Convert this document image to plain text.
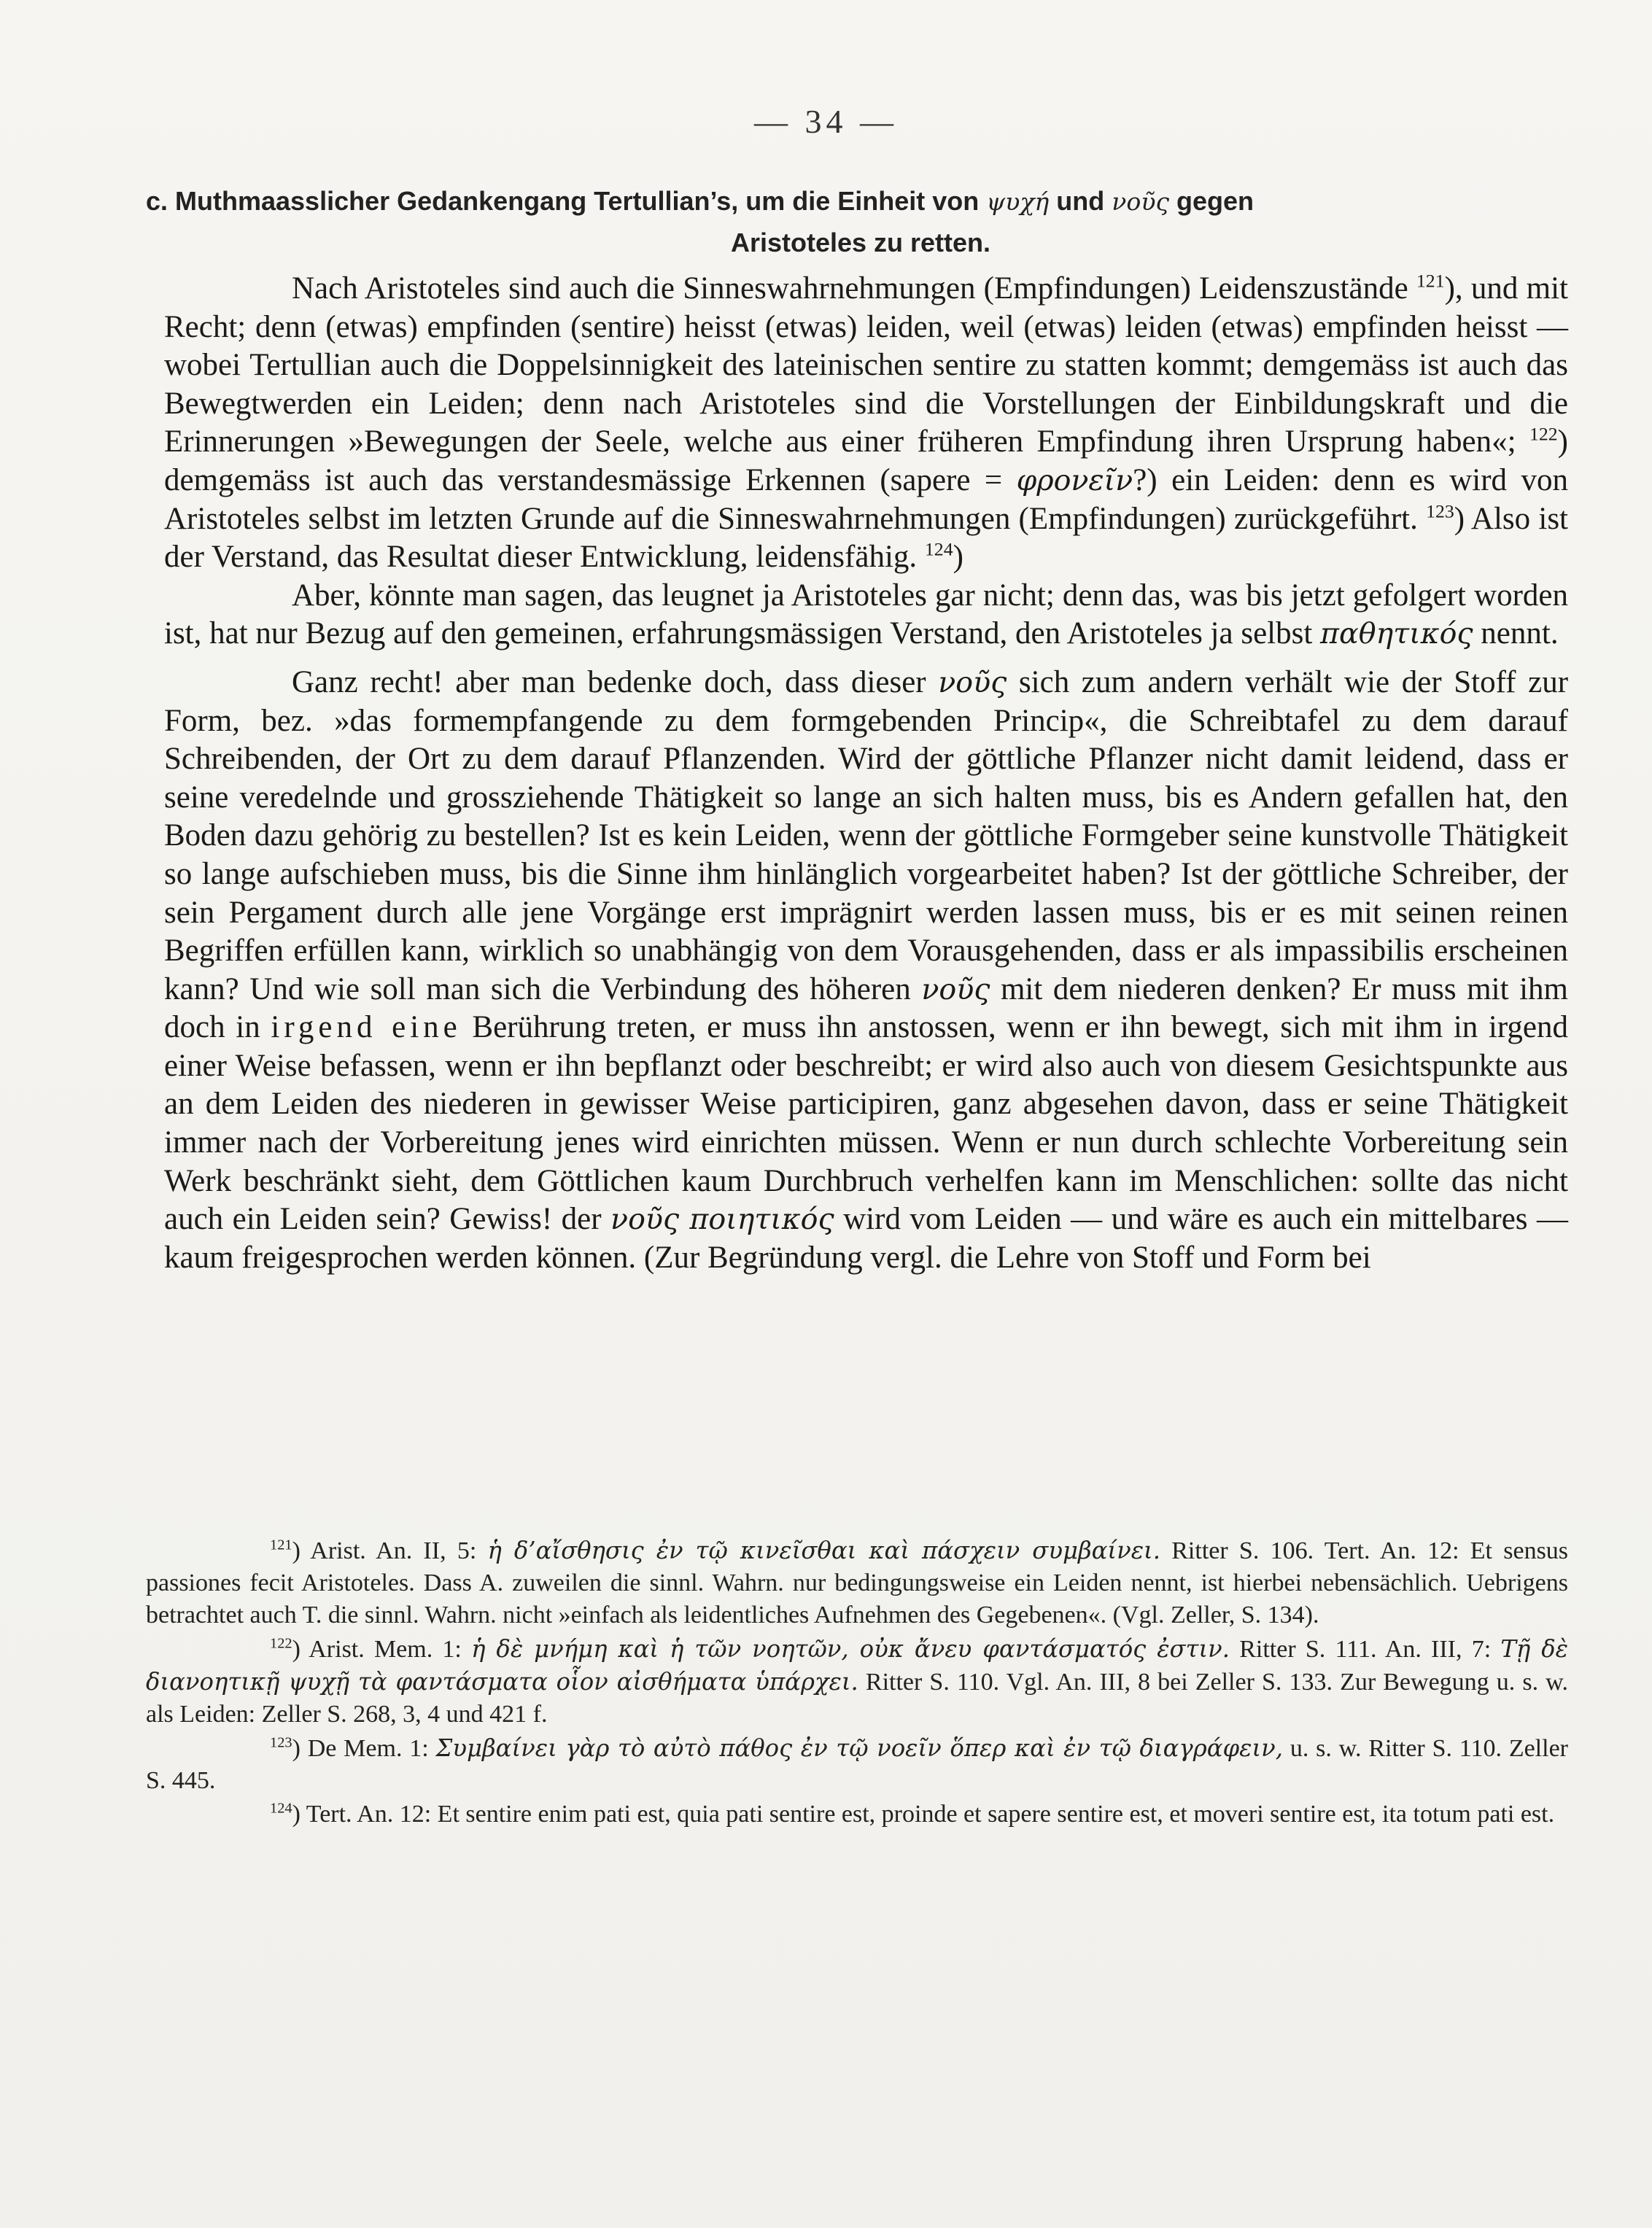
— 34 —
c. Muthmaasslicher Gedankengang Tertullian’s, um die Einheit von ψυχή und νοῦς gegen
Aristoteles zu retten.

Nach Aristoteles sind auch die Sinneswahrnehmungen (Empfindungen) Leidenszustände $^{121}$), und mit Recht; denn (etwas) empfinden (sentire) heisst (etwas) leiden, weil (etwas) leiden (etwas) empfinden heisst — wobei Tertullian auch die Doppelsinnigkeit des lateinischen sentire zu statten kommt; demgemäss ist auch das Bewegtwerden ein Leiden; denn nach Aristoteles sind die Vorstellungen der Einbildungskraft und die Erinnerungen »Bewegungen der Seele, welche aus einer früheren Empfindung ihren Ursprung haben«; $^{122}$) demgemäss ist auch das verstandesmässige Erkennen (sapere = φρονεῖν?) ein Leiden: denn es wird von Aristoteles selbst im letzten Grunde auf die Sinneswahrnehmungen (Empfindungen) zurückgeführt. $^{123}$) Also ist der Verstand, das Resultat dieser Entwicklung, leidensfähig. $^{124}$)

Aber, könnte man sagen, das leugnet ja Aristoteles gar nicht; denn das, was bis jetzt gefolgert worden ist, hat nur Bezug auf den gemeinen, erfahrungsmässigen Verstand, den Aristoteles ja selbst παθητικός nennt.

Ganz recht! aber man bedenke doch, dass dieser νοῦς sich zum andern verhält wie der Stoff zur Form, bez. »das formempfangende zu dem formgebenden Princip«, die Schreibtafel zu dem darauf Schreibenden, der Ort zu dem darauf Pflanzenden. Wird der göttliche Pflanzer nicht damit leidend, dass er seine veredelnde und grossziehende Thätigkeit so lange an sich halten muss, bis es Andern gefallen hat, den Boden dazu gehörig zu bestellen? Ist es kein Leiden, wenn der göttliche Formgeber seine kunstvolle Thätigkeit so lange aufschieben muss, bis die Sinne ihm hinlänglich vorgearbeitet haben? Ist der göttliche Schreiber, der sein Pergament durch alle jene Vorgänge erst imprägnirt werden lassen muss, bis er es mit seinen reinen Begriffen erfüllen kann, wirklich so unabhängig von dem Vorausgehenden, dass er als impassibilis erscheinen kann? Und wie soll man sich die Verbindung des höheren νοῦς mit dem niederen denken? Er muss mit ihm doch in irgend eine Berührung treten, er muss ihn anstossen, wenn er ihn bewegt, sich mit ihm in irgend einer Weise befassen, wenn er ihn bepflanzt oder beschreibt; er wird also auch von diesem Gesichtspunkte aus an dem Leiden des niederen in gewisser Weise participiren, ganz abgesehen davon, dass er seine Thätigkeit immer nach der Vorbereitung jenes wird einrichten müssen. Wenn er nun durch schlechte Vorbereitung sein Werk beschränkt sieht, dem Göttlichen kaum Durchbruch verhelfen kann im Menschlichen: sollte das nicht auch ein Leiden sein? Gewiss! der νοῦς ποιητικός wird vom Leiden — und wäre es auch ein mittelbares — kaum freigesprochen werden können. (Zur Begründung vergl. die Lehre von Stoff und Form bei

$^{121}$) Arist. An. II, 5: ἡ δ’αἴσθησις ἐν τῷ κινεῖσθαι καὶ πάσχειν συμβαίνει. Ritter S. 106. Tert. An. 12: Et sensus passiones fecit Aristoteles. Dass A. zuweilen die sinnl. Wahrn. nur bedingungsweise ein Leiden nennt, ist hierbei nebensächlich. Uebrigens betrachtet auch T. die sinnl. Wahrn. nicht »einfach als leidentliches Aufnehmen des Gegebenen«. (Vgl. Zeller, S. 134).

$^{122}$) Arist. Mem. 1: ἡ δὲ μνήμη καὶ ἡ τῶν νοητῶν, οὐκ ἄνευ φαντάσματός ἐστιν. Ritter S. 111. An. III, 7: Τῇ δὲ διανοητικῇ ψυχῇ τὰ φαντάσματα οἷον αἰσθήματα ὑπάρχει. Ritter S. 110. Vgl. An. III, 8 bei Zeller S. 133. Zur Bewegung u. s. w. als Leiden: Zeller S. 268, 3, 4 und 421 f.

$^{123}$) De Mem. 1: Συμβαίνει γὰρ τὸ αὐτὸ πάθος ἐν τῷ νοεῖν ὅπερ καὶ ἐν τῷ διαγράφειν, u. s. w. Ritter S. 110. Zeller S. 445.

$^{124}$) Tert. An. 12: Et sentire enim pati est, quia pati sentire est, proinde et sapere sentire est, et moveri sentire est, ita totum pati est.
